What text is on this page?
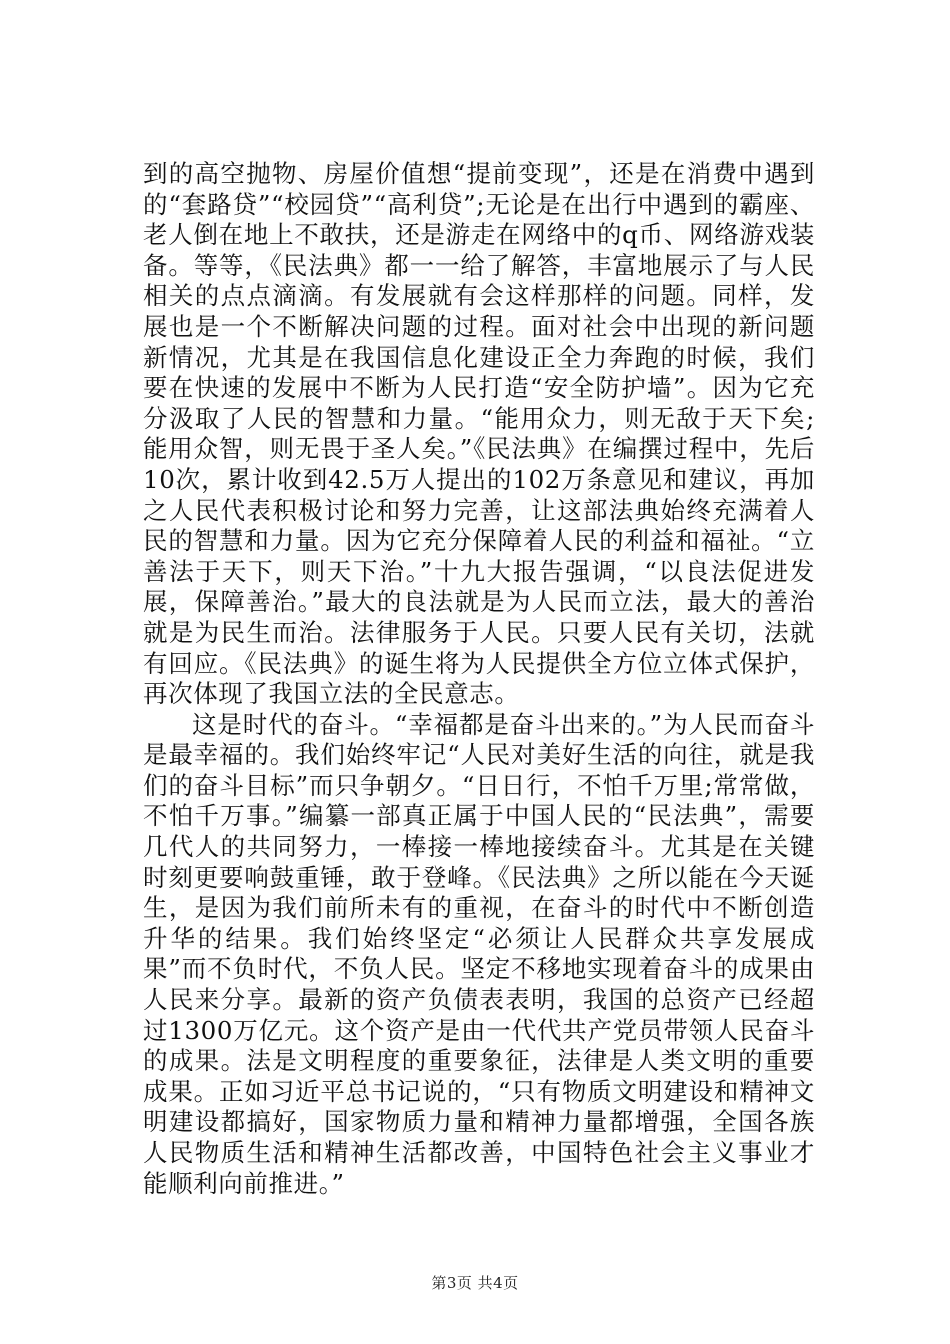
到的高空抛物、房屋价值想“提前变现”，还是在消费中遇到的“套路贷”“校园贷”“高利贷”;无论是在出行中遇到的霸座、老人倒在地上不敢扶，还是游走在网络中的q币、网络游戏装备。等等，《民法典》都一一给了解答，丰富地展示了与人民相关的点点滴滴。有发展就有会这样那样的问题。同样，发展也是一个不断解决问题的过程。面对社会中出现的新问题新情况，尤其是在我国信息化建设正全力奔跑的时候，我们要在快速的发展中不断为人民打造“安全防护墙”。因为它充分汲取了人民的智慧和力量。“能用众力，则无敌于天下矣;能用众智，则无畏于圣人矣。”《民法典》在编撰过程中，先后10次，累计收到42.5万人提出的102万条意见和建议，再加之人民代表积极讨论和努力完善，让这部法典始终充满着人民的智慧和力量。因为它充分保障着人民的利益和福祉。“立善法于天下，则天下治。”十九大报告强调，“以良法促进发展，保障善治。”最大的良法就是为人民而立法，最大的善治就是为民生而治。法律服务于人民。只要人民有关切，法就有回应。《民法典》的诞生将为人民提供全方位立体式保护，再次体现了我国立法的全民意志。

这是时代的奋斗。“幸福都是奋斗出来的。”为人民而奋斗是最幸福的。我们始终牢记“人民对美好生活的向往，就是我们的奋斗目标”而只争朝夕。“日日行，不怕千万里;常常做，不怕千万事。”编纂一部真正属于中国人民的“民法典”，需要几代人的共同努力，一棒接一棒地接续奋斗。尤其是在关键时刻更要响鼓重锤，敢于登峰。《民法典》之所以能在今天诞生，是因为我们前所未有的重视，在奋斗的时代中不断创造升华的结果。我们始终坚定“必须让人民群众共享发展成果”而不负时代，不负人民。坚定不移地实现着奋斗的成果由人民来分享。最新的资产负债表表明，我国的总资产已经超过1300万亿元。这个资产是由一代代共产党员带领人民奋斗的成果。法是文明程度的重要象征，法律是人类文明的重要成果。正如习近平总书记说的，“只有物质文明建设和精神文明建设都搞好，国家物质力量和精神力量都增强，全国各族人民物质生活和精神生活都改善，中国特色社会主义事业才能顺利向前推进。”

第3页 共4页
